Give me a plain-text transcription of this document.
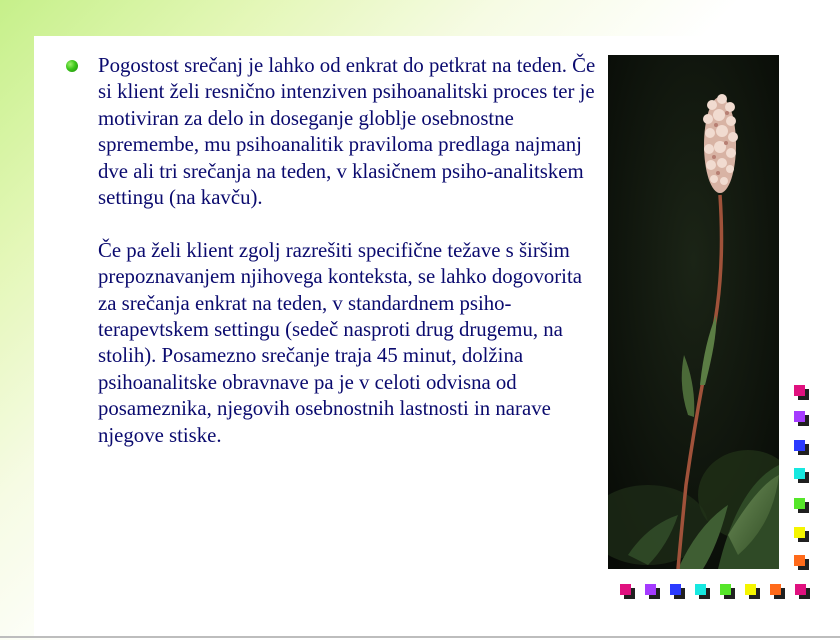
Pogostost srečanj je lahko od enkrat do petkrat na teden. Če si klient želi resnično intenziven psihoanalitski proces ter je motiviran za delo in doseganje globlje osebnostne spremembe, mu psihoanalitik praviloma predlaga najmanj dve ali tri srečanja na teden, v klasičnem psiho-analitskem settingu (na kavču).

Če pa želi klient zgolj razrešiti specifične težave s širšim prepoznavanjem njihovega konteksta, se lahko dogovorita za srečanja enkrat na teden, v standardnem psiho-terapevtskem settingu (sedeč nasproti drug drugemu, na stolih). Posamezno srečanje traja 45 minut, dolžina psihoanalitske obravnave pa je v celoti odvisna od posameznika, njegovih osebnostnih lastnosti in narave njegove stiske.
